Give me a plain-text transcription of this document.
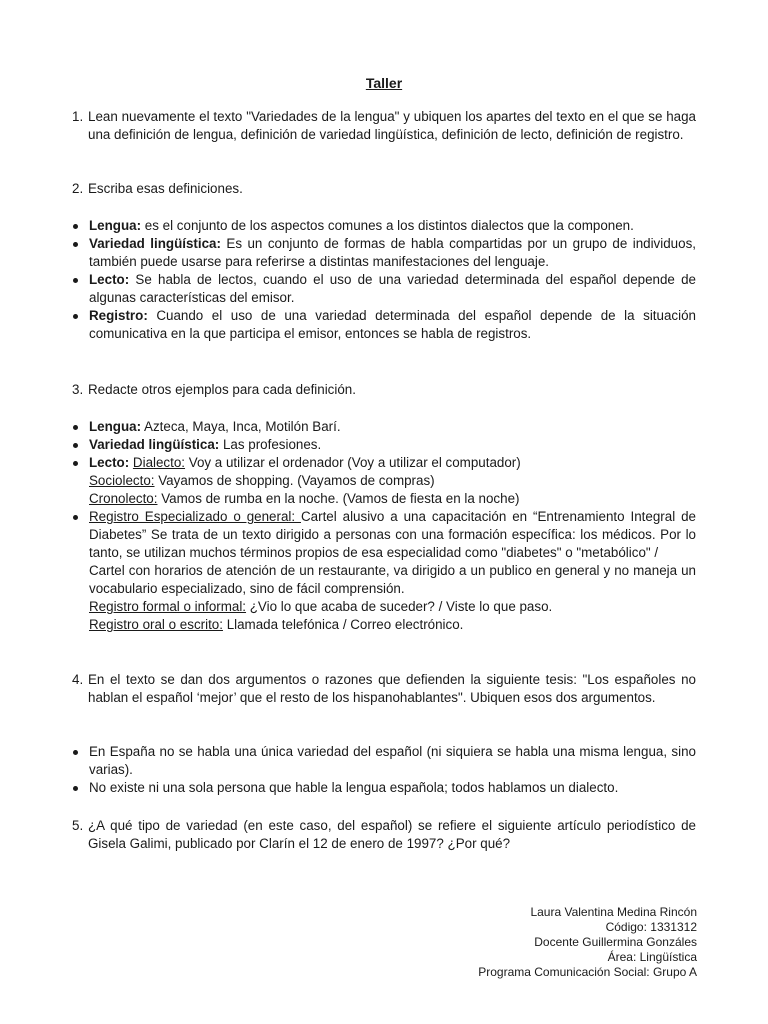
Taller
1. Lean nuevamente el texto "Variedades de la lengua" y ubiquen los apartes del texto en el que se haga una definición de lengua, definición de variedad lingüística, definición de lecto, definición de registro.
2. Escriba esas definiciones.
Lengua: es el conjunto de los aspectos comunes a los distintos dialectos que la componen.
Variedad lingüística: Es un conjunto de formas de habla compartidas por un grupo de individuos, también puede usarse para referirse a distintas manifestaciones del lenguaje.
Lecto: Se habla de lectos, cuando el uso de una variedad determinada del español depende de algunas características del emisor.
Registro: Cuando el uso de una variedad determinada del español depende de la situación comunicativa en la que participa el emisor, entonces se habla de registros.
3. Redacte otros ejemplos para cada definición.
Lengua: Azteca, Maya, Inca, Motilón Barí.
Variedad lingüística: Las profesiones.
Lecto: Dialecto: Voy a utilizar el ordenador (Voy a utilizar el computador)
Sociolecto: Vayamos de shopping. (Vayamos de compras)
Cronolecto: Vamos de rumba en la noche. (Vamos de fiesta en la noche)
Registro Especializado o general: Cartel alusivo a una capacitación en “Entrenamiento Integral de Diabetes” Se trata de un texto dirigido a personas con una formación específica: los médicos. Por lo tanto, se utilizan muchos términos propios de esa especialidad como "diabetes" o "metabólico" /
Cartel con horarios de atención de un restaurante, va dirigido a un publico en general y no maneja un vocabulario especializado, sino de fácil comprensión.
Registro formal o informal: ¿Vio lo que acaba de suceder? / Viste lo que paso.
Registro oral o escrito: Llamada telefónica / Correo electrónico.
4. En el texto se dan dos argumentos o razones que defienden la siguiente tesis: "Los españoles no hablan el español ‘mejor’ que el resto de los hispanohablantes". Ubiquen esos dos argumentos.
En España no se habla una única variedad del español (ni siquiera se habla una misma lengua, sino varias).
No existe ni una sola persona que hable la lengua española; todos hablamos un dialecto.
5. ¿A qué tipo de variedad (en este caso, del español) se refiere el siguiente artículo periodístico de Gisela Galimi, publicado por Clarín el 12 de enero de 1997? ¿Por qué?
Laura Valentina Medina Rincón
Código: 1331312
Docente Guillermina Gonzáles
Área: Lingüística
Programa Comunicación Social: Grupo A
